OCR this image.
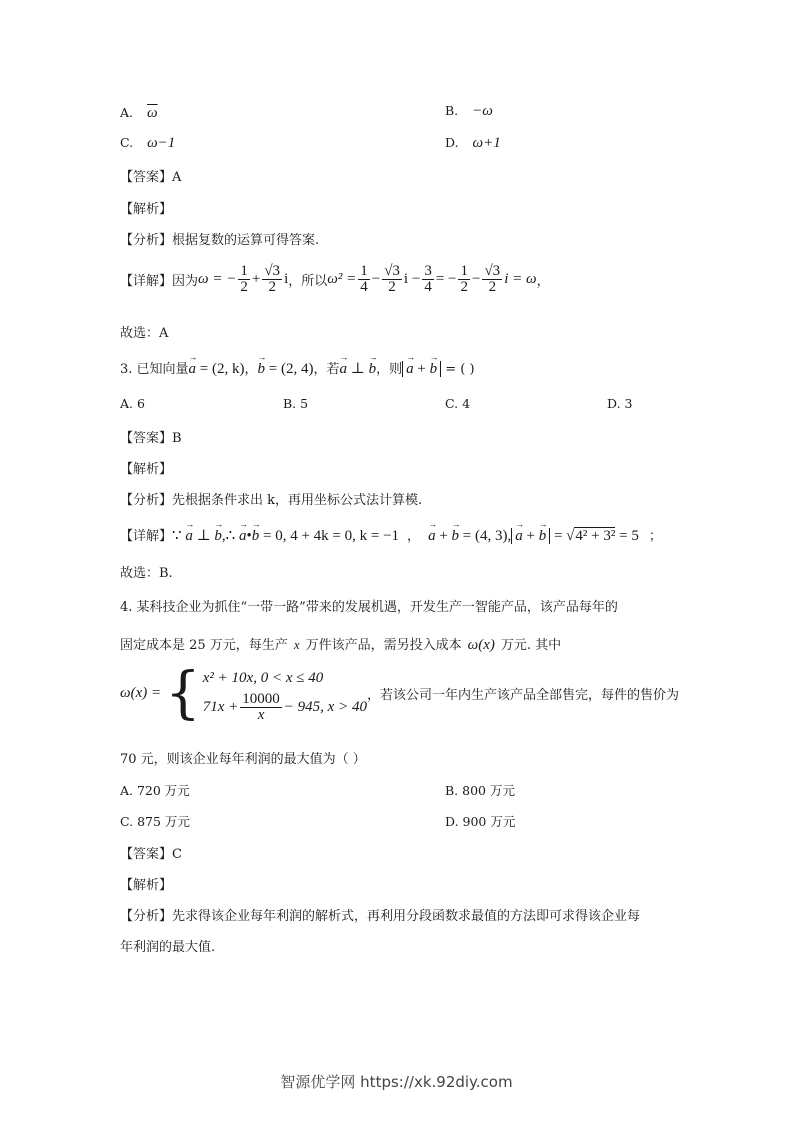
A. $\overline{\omega}$	B. −ω
C. ω−1	D. ω+1
【答案】A
【解析】
【分析】根据复数的运算可得答案.
【详解】因为 ω = − $\frac{1}{2} + \frac{√3}{2}$ i ，所以 $\omega^2 = \frac{1}{4} - \frac{√3}{2}$ $i - \frac{3}{4}$ = − $\frac{1}{2} - \frac{√3}{2}$ i = ω ，
故选：A
3. 已知向量→ a = (2, k)，→ b = (2, 4)，若→ a ⊥ → b，则 → a + → b = ( )
A. 6	B. 5	C. 4	D. 3
【答案】B
【解析】
【分析】先根据条件求出 k，再用坐标公式法计算模.
【详解】∵ → a ⊥ → b,∴ → a•→ b = 0, 4 + 4k = 0, k = −1 ， → a + → b = (4, 3), → a + → b = √4² + 3² = 5 ；
故选：B.
4. 某科技企业为抓住“一带一路”带来的发展机遇，开发生产一智能产品，该产品每年的
固定成本是 25 万元，每生产 x 万件该产品，需另投入成本 ω(x) 万元. 其中
ω(x) = { x² + 10x, 0 < x ≤ 40
$71x + \frac{10000}{x} - 945$, x > 40
，若该公司一年内生产该产品全部售完，每件的售价为
70 元，则该企业每年利润的最大值为（ ）
A. 720 万元	B. 800 万元
C. 875 万元	D. 900 万元
【答案】C
【解析】
【分析】先求得该企业每年利润的解析式，再利用分段函数求最值的方法即可求得该企业每
年利润的最大值.
智源优学网 https://xk.92diy.com
